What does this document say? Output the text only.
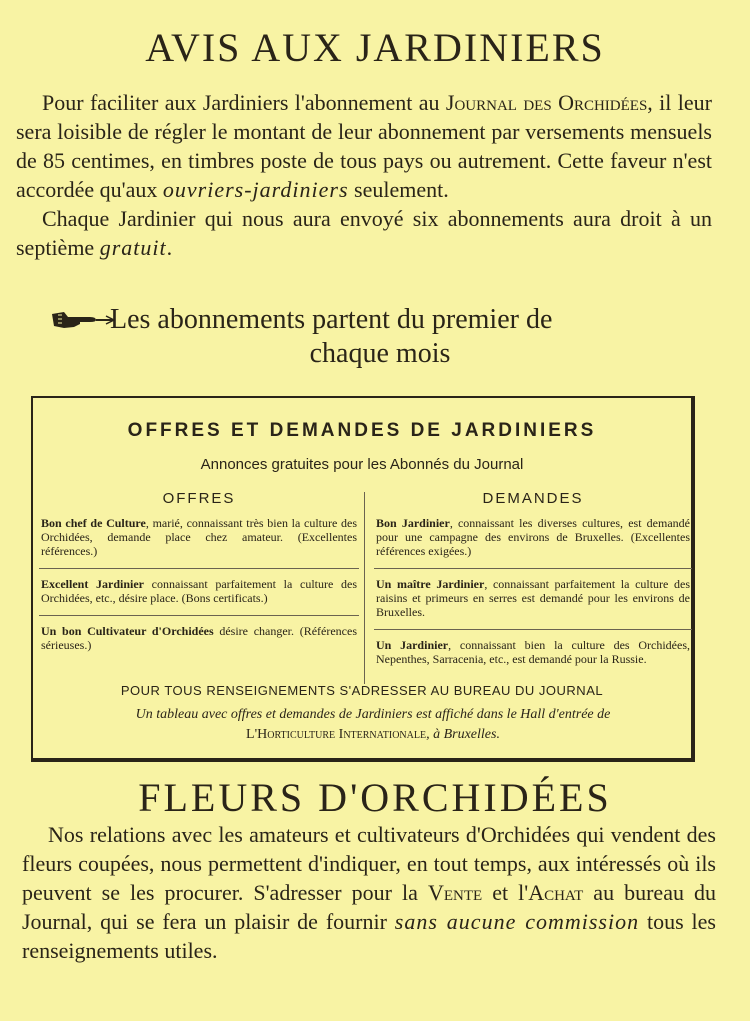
AVIS AUX JARDINIERS

Pour faciliter aux Jardiniers l'abonnement au Journal des Orchidées, il leur sera loisible de régler le montant de leur abonnement par versements mensuels de 85 centimes, en timbres poste de tous pays ou autrement. Cette faveur n'est accordée qu'aux ouvriers-jardiniers seulement.

Chaque Jardinier qui nous aura envoyé six abonnements aura droit à un septième gratuit.

Les abonnements partent du premier de
chaque mois
OFFRES ET DEMANDES DE JARDINIERS
Annonces gratuites pour les Abonnés du Journal
OFFRES
Bon chef de Culture, marié, connaissant très bien la culture des Orchidées, demande place chez amateur. (Excellentes références.)
Excellent Jardinier connaissant parfaitement la culture des Orchidées, etc., désire place. (Bons certificats.)
Un bon Cultivateur d'Orchidées désire changer. (Références sérieuses.)
DEMANDES
Bon Jardinier, connaissant les diverses cultures, est demandé pour une campagne des environs de Bruxelles. (Excellentes références exigées.)
Un maître Jardinier, connaissant parfaitement la culture des raisins et primeurs en serres est demandé pour les environs de Bruxelles.
Un Jardinier, connaissant bien la culture des Orchidées, Nepenthes, Sarracenia, etc., est demandé pour la Russie.
POUR TOUS RENSEIGNEMENTS S'ADRESSER AU BUREAU DU JOURNAL
Un tableau avec offres et demandes de Jardiniers est affiché dans le Hall d'entrée de
L'Horticulture Internationale, à Bruxelles.
FLEURS D'ORCHIDÉES

Nos relations avec les amateurs et cultivateurs d'Orchidées qui vendent des fleurs coupées, nous permettent d'indiquer, en tout temps, aux intéressés où ils peuvent se les procurer. S'adresser pour la Vente et l'Achat au bureau du Journal, qui se fera un plaisir de fournir sans aucune commission tous les renseignements utiles.
